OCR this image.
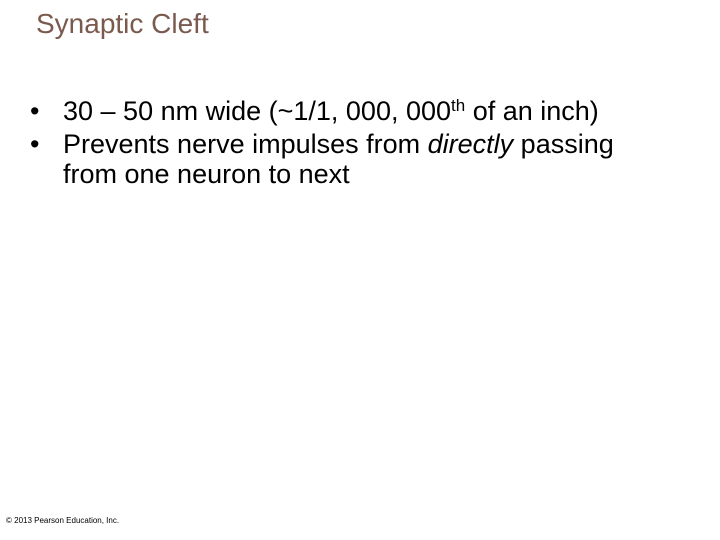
Synaptic Cleft
• 30 – 50 nm wide (~1/1, 000, 000th of an inch)
• Prevents nerve impulses from directly passing from one neuron to next
© 2013 Pearson Education, Inc.
